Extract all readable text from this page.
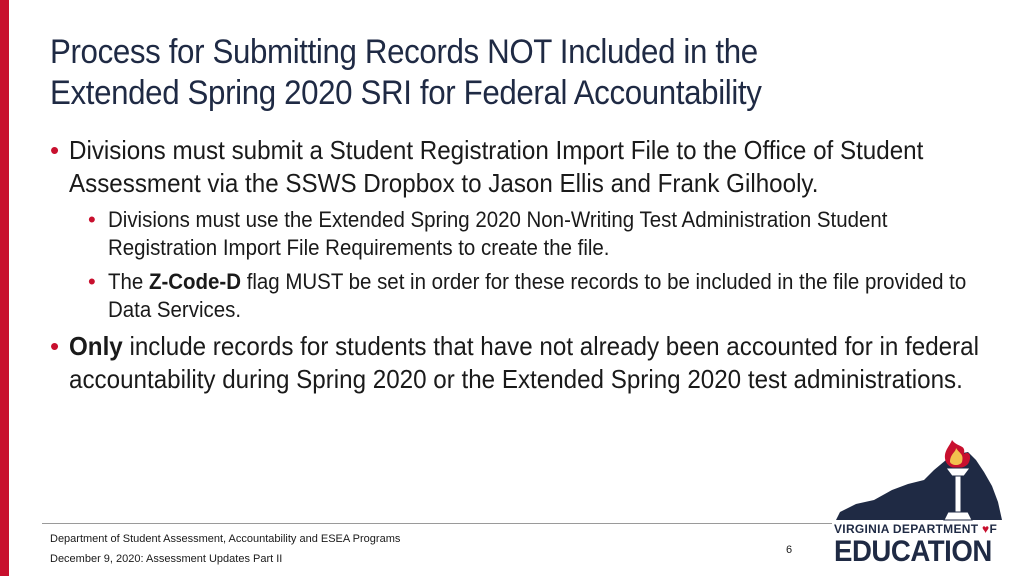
Process for Submitting Records NOT Included in the
Extended Spring 2020 SRI for Federal Accountability
• Divisions must submit a Student Registration Import File to the Office of Student Assessment via the SSWS Dropbox to Jason Ellis and Frank Gilhooly.
• Divisions must use the Extended Spring 2020 Non-Writing Test Administration Student Registration Import File Requirements to create the file.
• The Z-Code-D flag MUST be set in order for these records to be included in the file provided to Data Services.
• Only include records for students that have not already been accounted for in federal accountability during Spring 2020 or the Extended Spring 2020 test administrations.
Department of Student Assessment, Accountability and ESEA Programs
December 9, 2020: Assessment Updates Part II
6
VIRGINIA DEPARTMENT ♥F
EDUCATION
